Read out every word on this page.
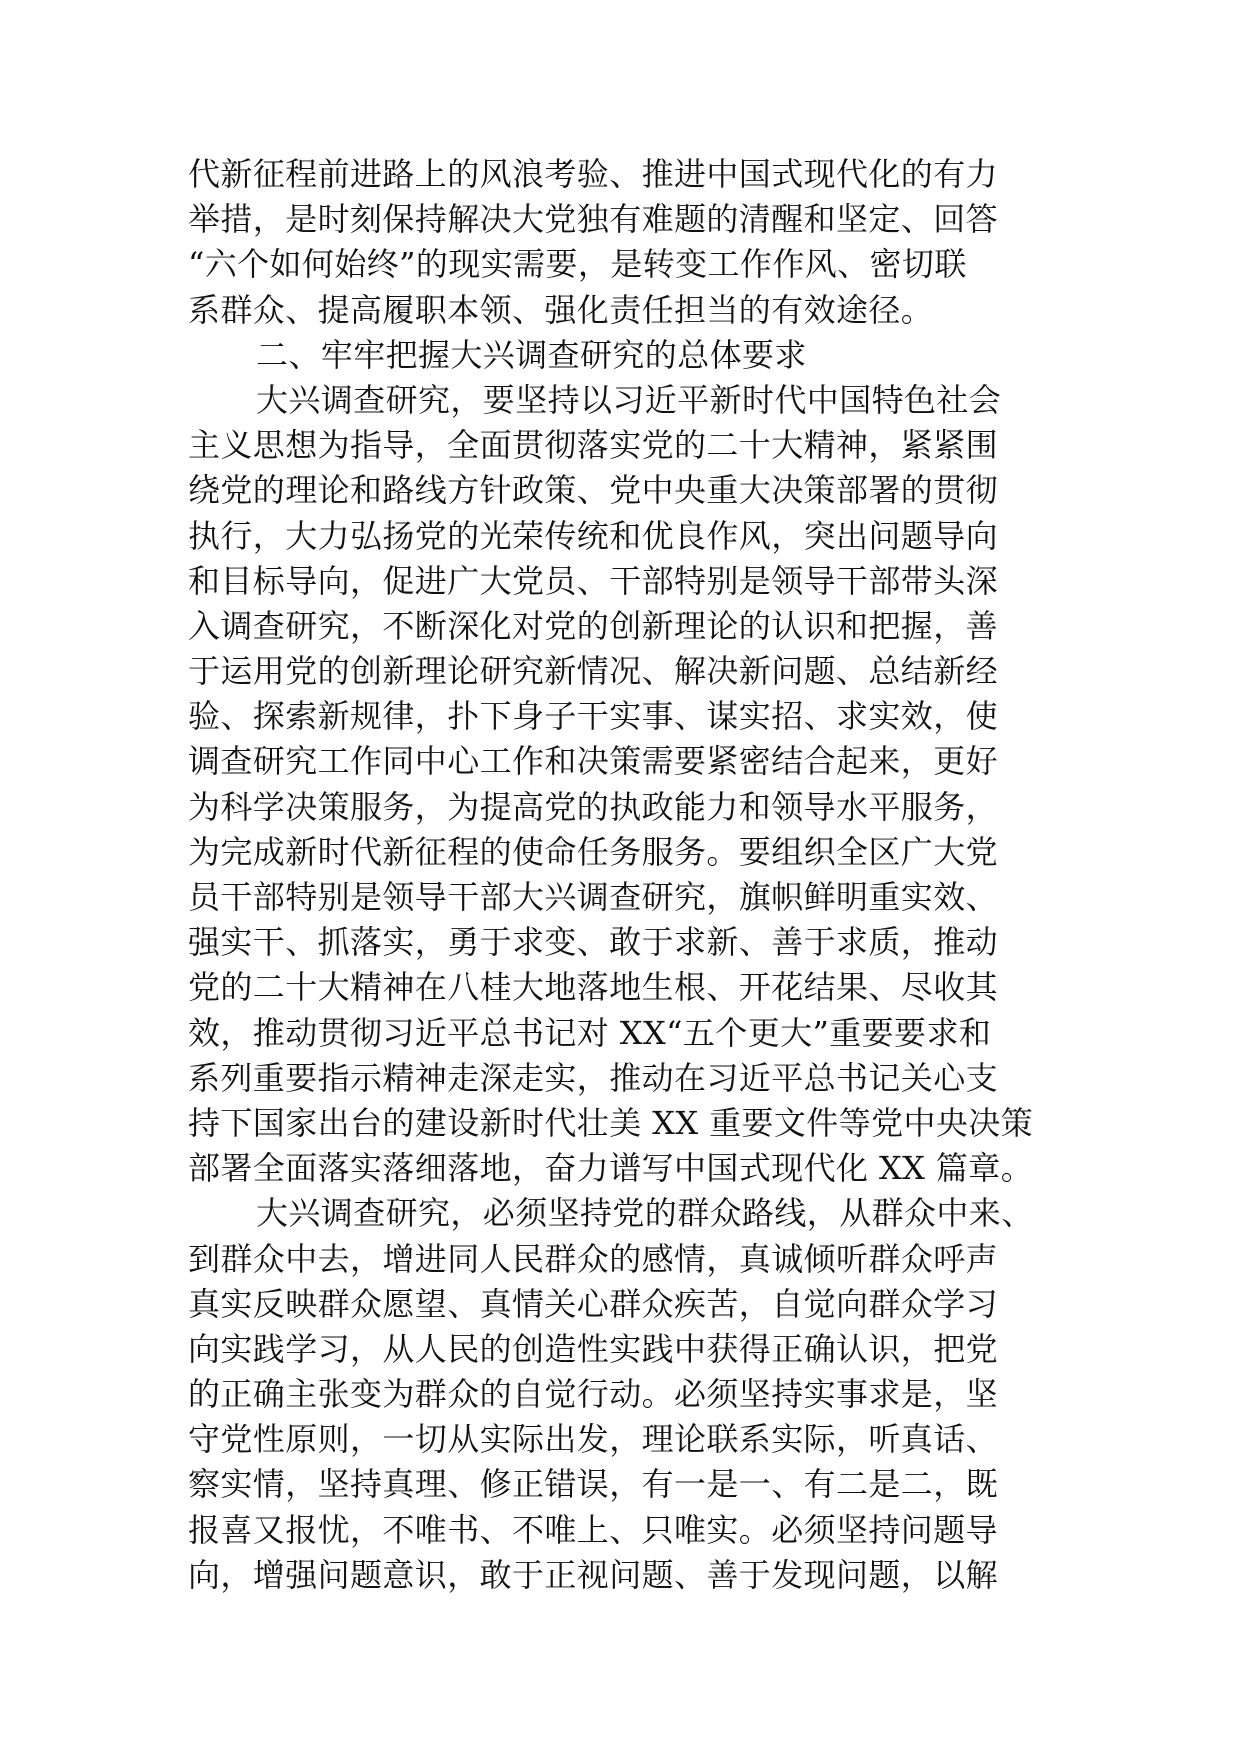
代新征程前进路上的风浪考验、推进中国式现代化的有力
举措，是时刻保持解决大党独有难题的清醒和坚定、回答
“六个如何始终”的现实需要，是转变工作作风、密切联
系群众、提高履职本领、强化责任担当的有效途径。
二、牢牢把握大兴调查研究的总体要求
大兴调查研究，要坚持以习近平新时代中国特色社会
主义思想为指导，全面贯彻落实党的二十大精神，紧紧围
绕党的理论和路线方针政策、党中央重大决策部署的贯彻
执行，大力弘扬党的光荣传统和优良作风，突出问题导向
和目标导向，促进广大党员、干部特别是领导干部带头深
入调查研究，不断深化对党的创新理论的认识和把握，善
于运用党的创新理论研究新情况、解决新问题、总结新经
验、探索新规律，扑下身子干实事、谋实招、求实效，使
调查研究工作同中心工作和决策需要紧密结合起来，更好
为科学决策服务，为提高党的执政能力和领导水平服务，
为完成新时代新征程的使命任务服务。要组织全区广大党
员干部特别是领导干部大兴调查研究，旗帜鲜明重实效、
强实干、抓落实，勇于求变、敢于求新、善于求质，推动
党的二十大精神在八桂大地落地生根、开花结果、尽收其
效，推动贯彻习近平总书记对 XX“五个更大”重要要求和
系列重要指示精神走深走实，推动在习近平总书记关心支
持下国家出台的建设新时代壮美 XX 重要文件等党中央决策
部署全面落实落细落地，奋力谱写中国式现代化 XX 篇章。
大兴调查研究，必须坚持党的群众路线，从群众中来、
到群众中去，增进同人民群众的感情，真诚倾听群众呼声
真实反映群众愿望、真情关心群众疾苦，自觉向群众学习
向实践学习，从人民的创造性实践中获得正确认识，把党
的正确主张变为群众的自觉行动。必须坚持实事求是，坚
守党性原则，一切从实际出发，理论联系实际，听真话、
察实情，坚持真理、修正错误，有一是一、有二是二，既
报喜又报忧，不唯书、不唯上、只唯实。必须坚持问题导
向，增强问题意识，敢于正视问题、善于发现问题，以解
